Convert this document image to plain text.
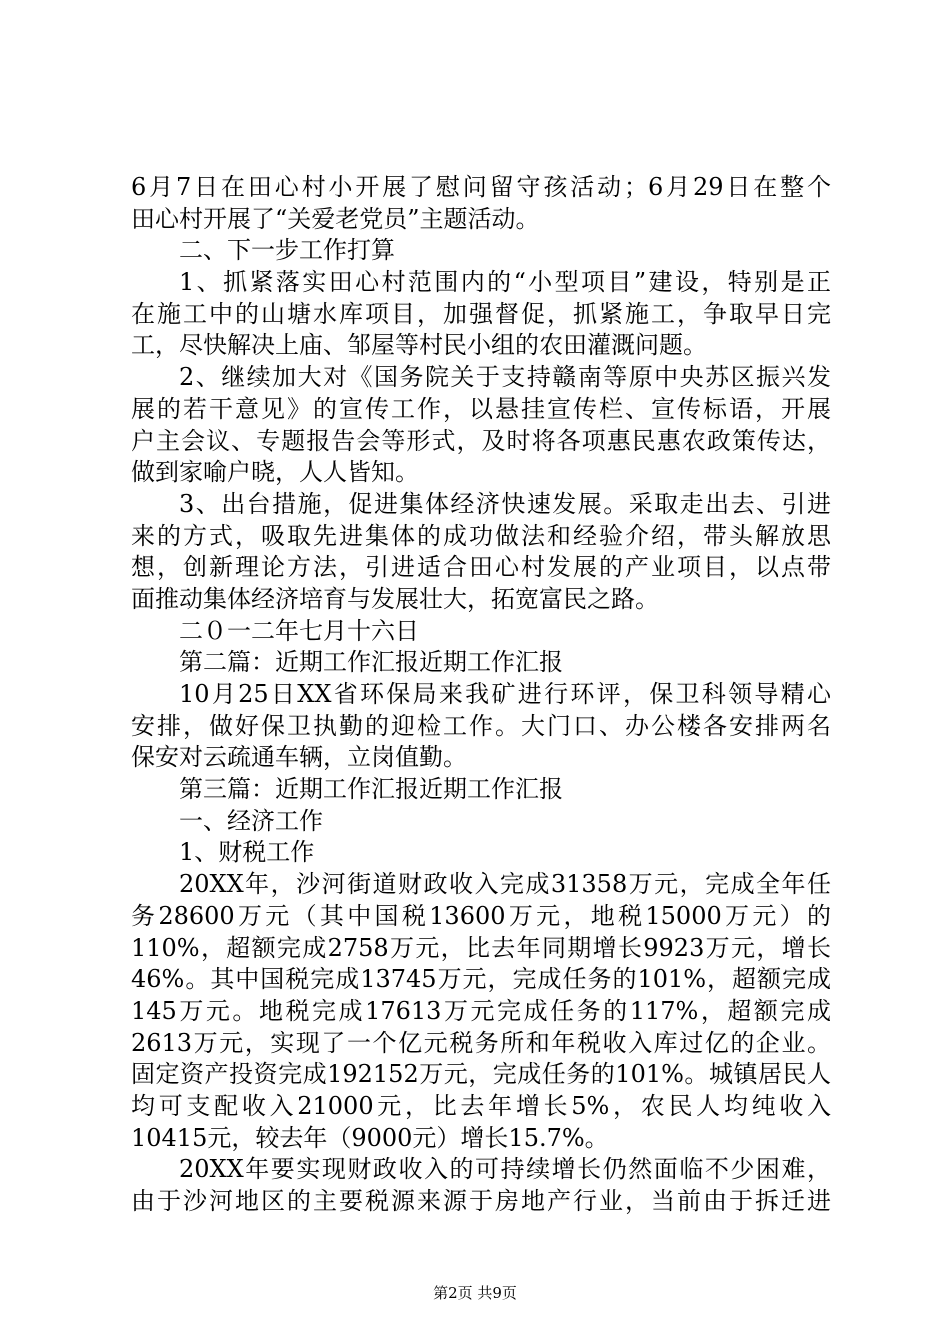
6月7日在田心村小开展了慰问留守孩活动；6月29日在整个
田心村开展了“关爱老党员”主题活动。
二、下一步工作打算
1、抓紧落实田心村范围内的“小型项目”建设，特别是正
在施工中的山塘水库项目，加强督促，抓紧施工，争取早日完
工，尽快解决上庙、邹屋等村民小组的农田灌溉问题。
2、继续加大对《国务院关于支持赣南等原中央苏区振兴发
展的若干意见》的宣传工作，以悬挂宣传栏、宣传标语，开展
户主会议、专题报告会等形式，及时将各项惠民惠农政策传达，
做到家喻户晓，人人皆知。
3、出台措施，促进集体经济快速发展。采取走出去、引进
来的方式，吸取先进集体的成功做法和经验介绍，带头解放思
想，创新理论方法，引进适合田心村发展的产业项目，以点带
面推动集体经济培育与发展壮大，拓宽富民之路。
二０一二年七月十六日
第二篇：近期工作汇报近期工作汇报
10月25日XX省环保局来我矿进行环评，保卫科领导精心
安排，做好保卫执勤的迎检工作。大门口、办公楼各安排两名
保安对云疏通车辆，立岗值勤。
第三篇：近期工作汇报近期工作汇报
一、经济工作
1、财税工作
20XX年，沙河街道财政收入完成31358万元，完成全年任
务28600万元（其中国税13600万元，地税15000万元）的
110%，超额完成2758万元，比去年同期增长9923万元，增长
46%。其中国税完成13745万元，完成任务的101%，超额完成
145万元。地税完成17613万元完成任务的117%，超额完成
2613万元，实现了一个亿元税务所和年税收入库过亿的企业。
固定资产投资完成192152万元，完成任务的101%。城镇居民人
均可支配收入21000元，比去年增长5%，农民人均纯收入
10415元，较去年（9000元）增长15.7%。
20XX年要实现财政收入的可持续增长仍然面临不少困难，
由于沙河地区的主要税源来源于房地产行业，当前由于拆迁进
第2页 共9页
